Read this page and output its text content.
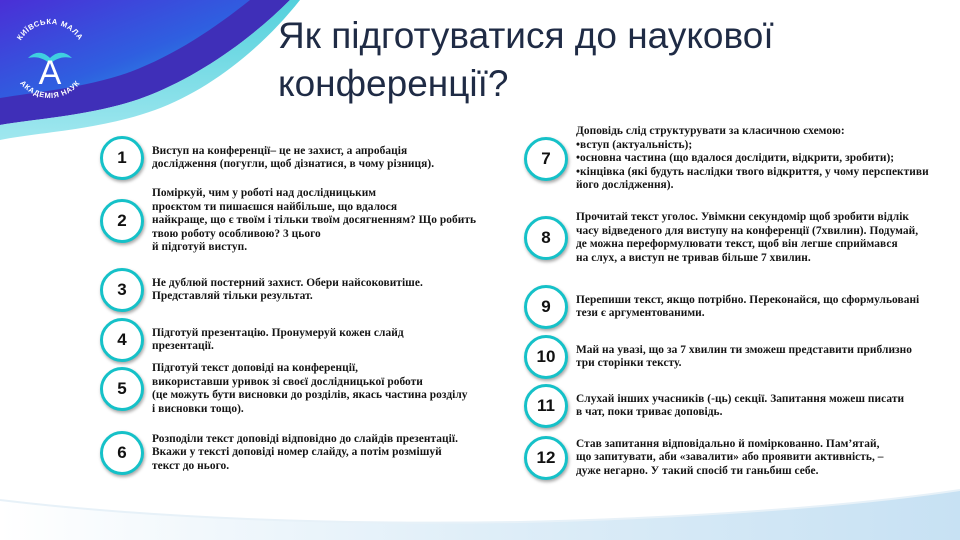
КИЇВСЬКА МАЛА
АКАДЕМІЯ НАУК
А
Як підготуватися до наукової
конференції?
1	Виступ на конференції– це не захист, а апробація
дослідження (погугли, щоб дізнатися, в чому різниця).
2
Поміркуй, чим у роботі над дослідницьким
проєктом ти пишаєшся найбільше, що вдалося
найкраще, що є твоїм і тільки твоїм досягненням? Що робить
твою роботу особливою? 3 цього
й підготуй виступ.
3	Не дублюй постерний захист. Обери найсоковитіше.
Представляй тільки результат.
4	Підготуй презентацію. Пронумеруй кожен слайд
презентації.
5
Підготуй текст доповіді на конференції,
використавши уривок зі своєї дослідницької роботи
(це можуть бути висновки до розділів, якась частина розділу
і висновки тощо).
6
Розподіли текст доповіді відповідно до слайдів презентації.
Вкажи у тексті доповіді номер слайду, а потім розмішуй
текст до нього.
7
Доповідь слід структурувати за класичною схемою:
•вступ (актуальність);
•основна частина (що вдалося дослідити, відкрити, зробити);
•кінцівка (які будуть наслідки твого відкриття, у чому перспективи
його дослідження).
8
Прочитай текст уголос. Увімкни секундомір щоб зробити відлік
часу відведеного для виступу на конференції (7хвилин). Подумай,
де можна переформулювати текст, щоб він легше сприймався
на слух, а виступ не тривав більше 7 хвилин.
9	Перепиши текст, якщо потрібно. Переконайся, що сформульовані
тези є аргументованими.
10	Май на увазі, що за 7 хвилин ти зможеш представити приблизно
три сторінки тексту.
11	Слухай інших учасників (-ць) секції. Запитання можеш писати
в чат, поки триває доповідь.
12
Став запитання відповідально й поміркованно. Пам’ятай,
що запитувати, аби «завалити» або проявити активність, –
дуже негарно. У такий спосіб ти ганьбиш себе.
